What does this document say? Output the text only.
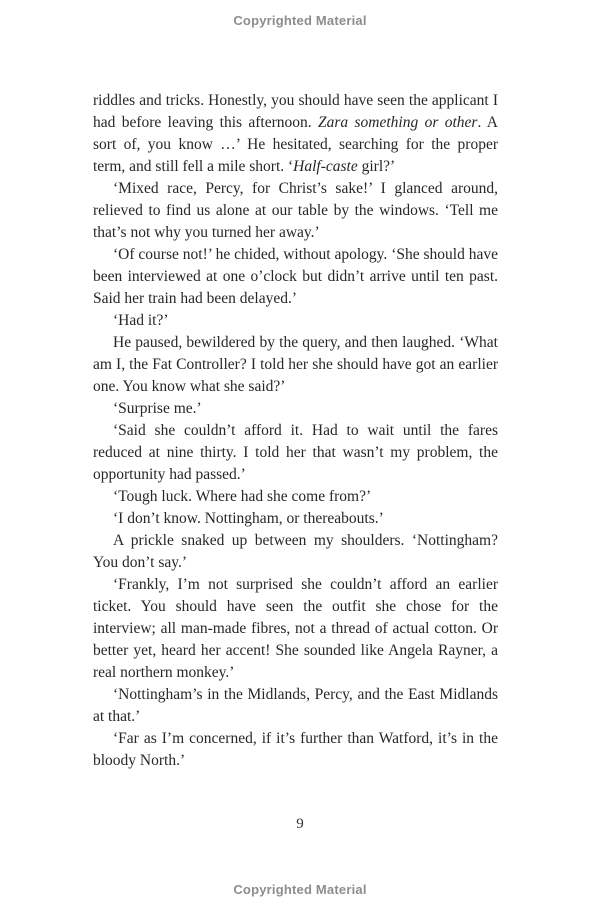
Copyrighted Material

riddles and tricks. Honestly, you should have seen the applicant I had before leaving this afternoon. Zara something or other. A sort of, you know …’ He hesitated, searching for the proper term, and still fell a mile short. ‘Half-caste girl?’

‘Mixed race, Percy, for Christ’s sake!’ I glanced around, relieved to find us alone at our table by the windows. ‘Tell me that’s not why you turned her away.’

‘Of course not!’ he chided, without apology. ‘She should have been interviewed at one o’clock but didn’t arrive until ten past. Said her train had been delayed.’

‘Had it?’

He paused, bewildered by the query, and then laughed. ‘What am I, the Fat Controller? I told her she should have got an earlier one. You know what she said?’

‘Surprise me.’

‘Said she couldn’t afford it. Had to wait until the fares reduced at nine thirty. I told her that wasn’t my problem, the opportunity had passed.’

‘Tough luck. Where had she come from?’

‘I don’t know. Nottingham, or thereabouts.’

A prickle snaked up between my shoulders. ‘Nottingham? You don’t say.’

‘Frankly, I’m not surprised she couldn’t afford an earlier ticket. You should have seen the outfit she chose for the interview; all man-made fibres, not a thread of actual cotton. Or better yet, heard her accent! She sounded like Angela Rayner, a real northern monkey.’

‘Nottingham’s in the Midlands, Percy, and the East Midlands at that.’

‘Far as I’m concerned, if it’s further than Watford, it’s in the bloody North.’

9
Copyrighted Material
